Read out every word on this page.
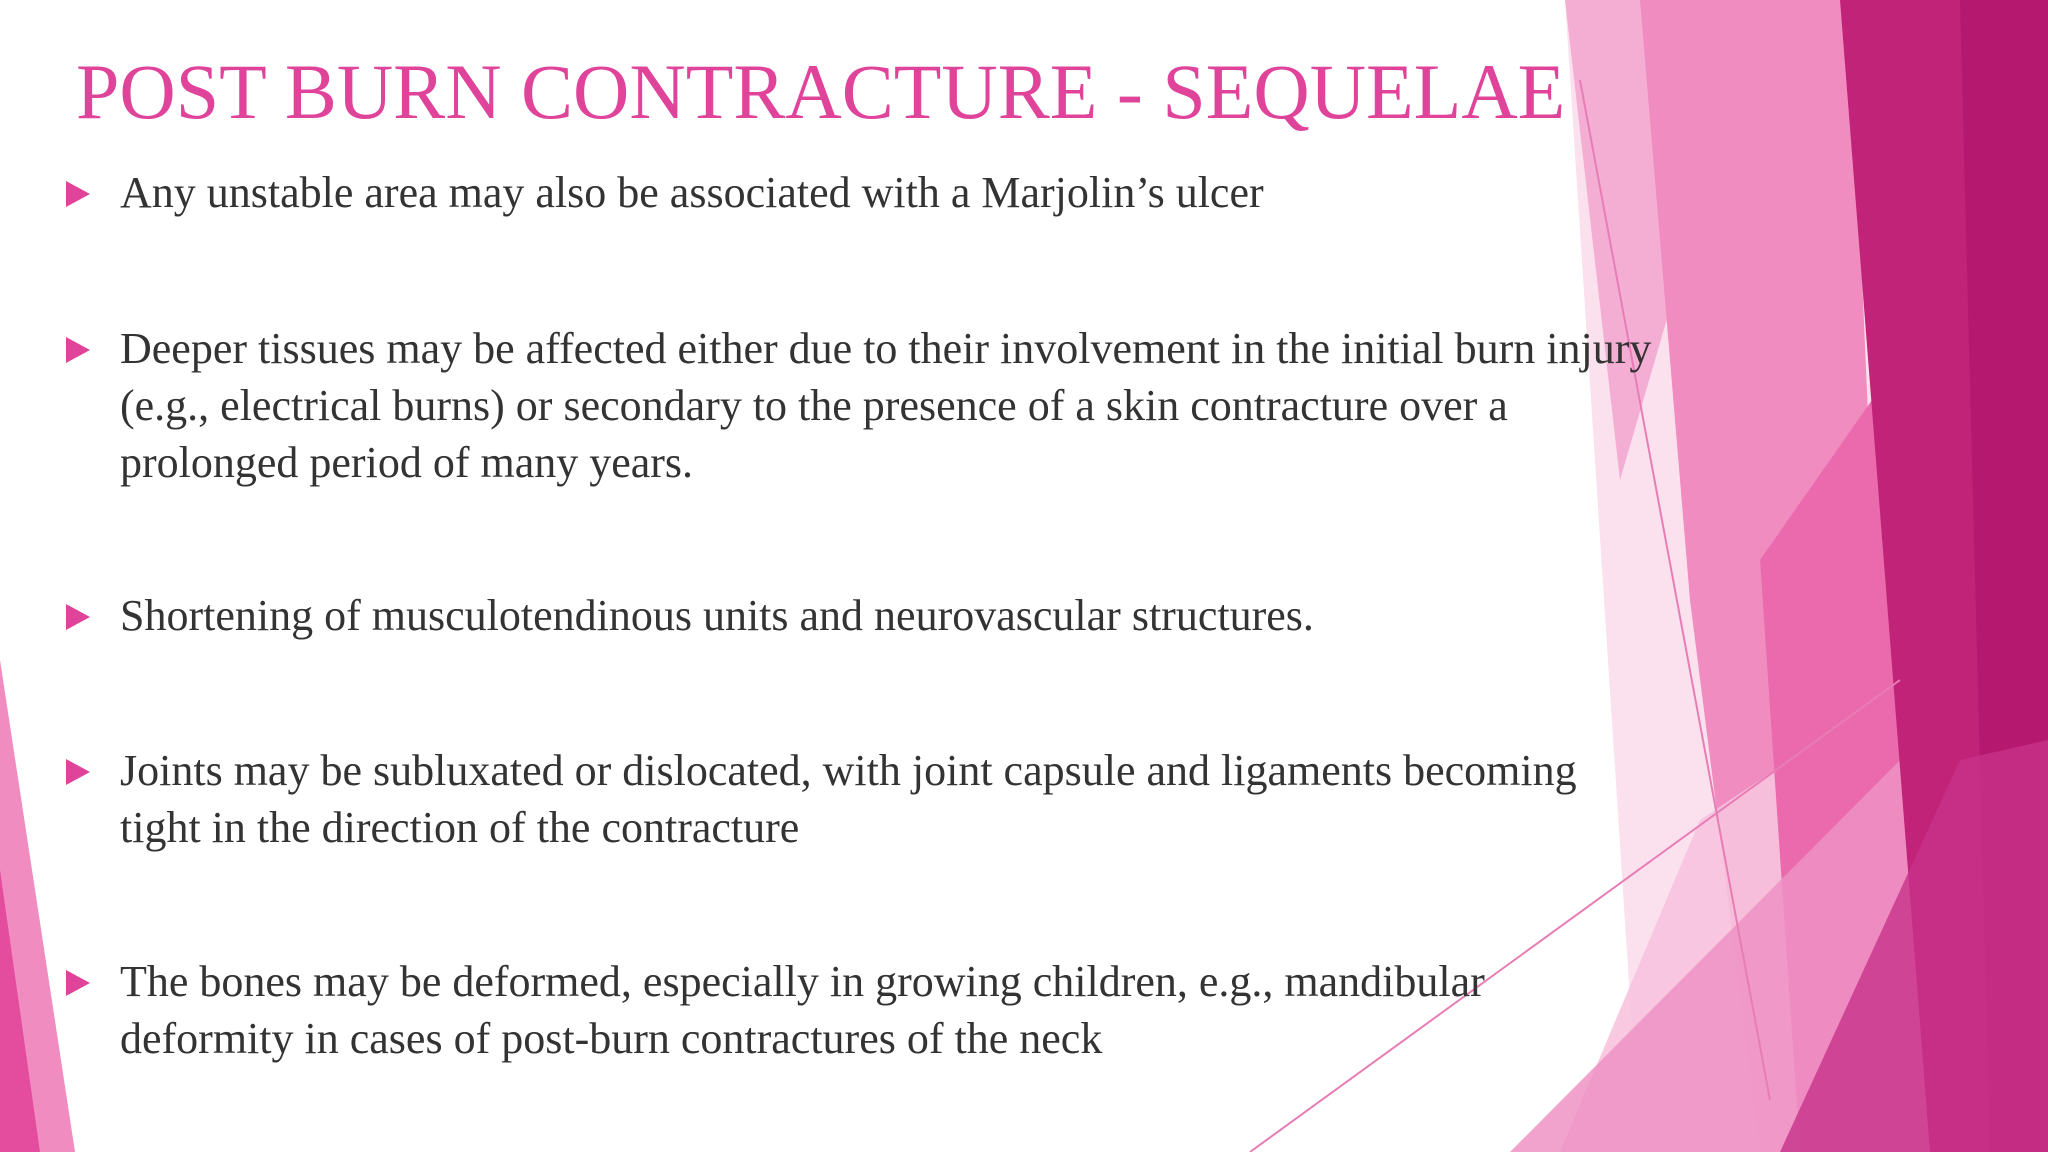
POST BURN CONTRACTURE - SEQUELAE
Any unstable area may also be associated with a Marjolin’s ulcer
Deeper tissues may be affected either due to their involvement in the initial burn injury (e.g., electrical burns) or secondary to the presence of a skin contracture over a prolonged period of many years.
Shortening of musculotendinous units and neurovascular structures.
Joints may be subluxated or dislocated, with joint capsule and ligaments becoming tight in the direction of the contracture
The bones may be deformed, especially in growing children, e.g., mandibular deformity in cases of post-burn contractures of the neck
